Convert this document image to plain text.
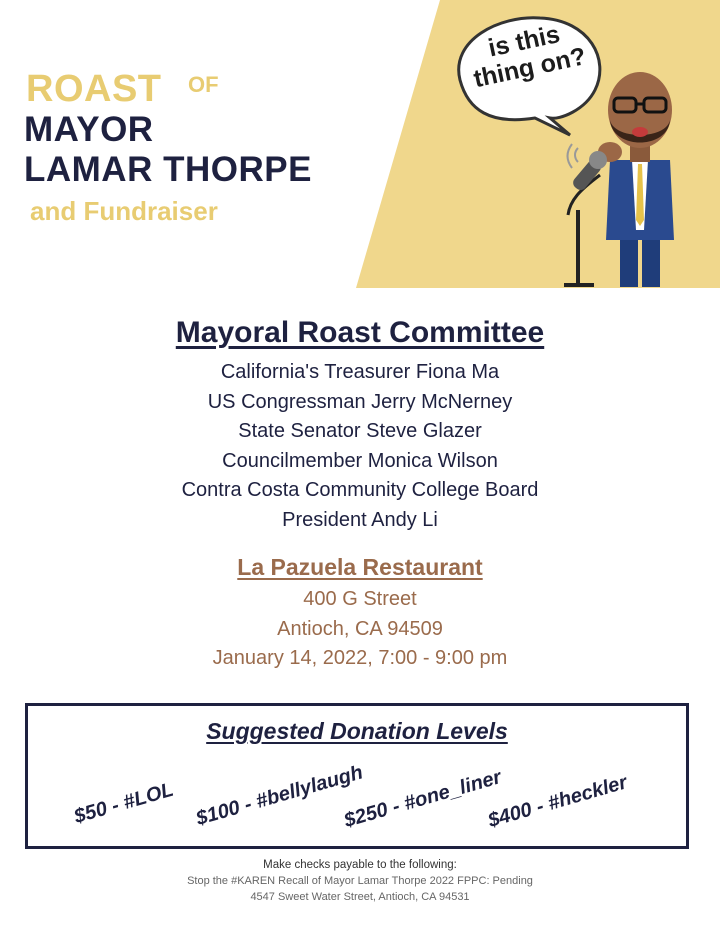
ROAST OF
MAYOR
LAMAR THORPE
and Fundraiser
is this thing on?
Mayoral Roast Committee
California's Treasurer Fiona Ma
US Congressman Jerry McNerney
State Senator Steve Glazer
Councilmember Monica Wilson
Contra Costa Community College Board
President Andy Li
La Pazuela Restaurant
400 G Street
Antioch, CA 94509
January 14, 2022, 7:00 - 9:00 pm
Suggested Donation Levels
$50 - #LOL $100 - #bellylaugh
$250 - #one_liner
$400 - #heckler
Make checks payable to the following:
Stop the #KAREN Recall of Mayor Lamar Thorpe 2022 FPPC: Pending
4547 Sweet Water Street, Antioch, CA 94531
